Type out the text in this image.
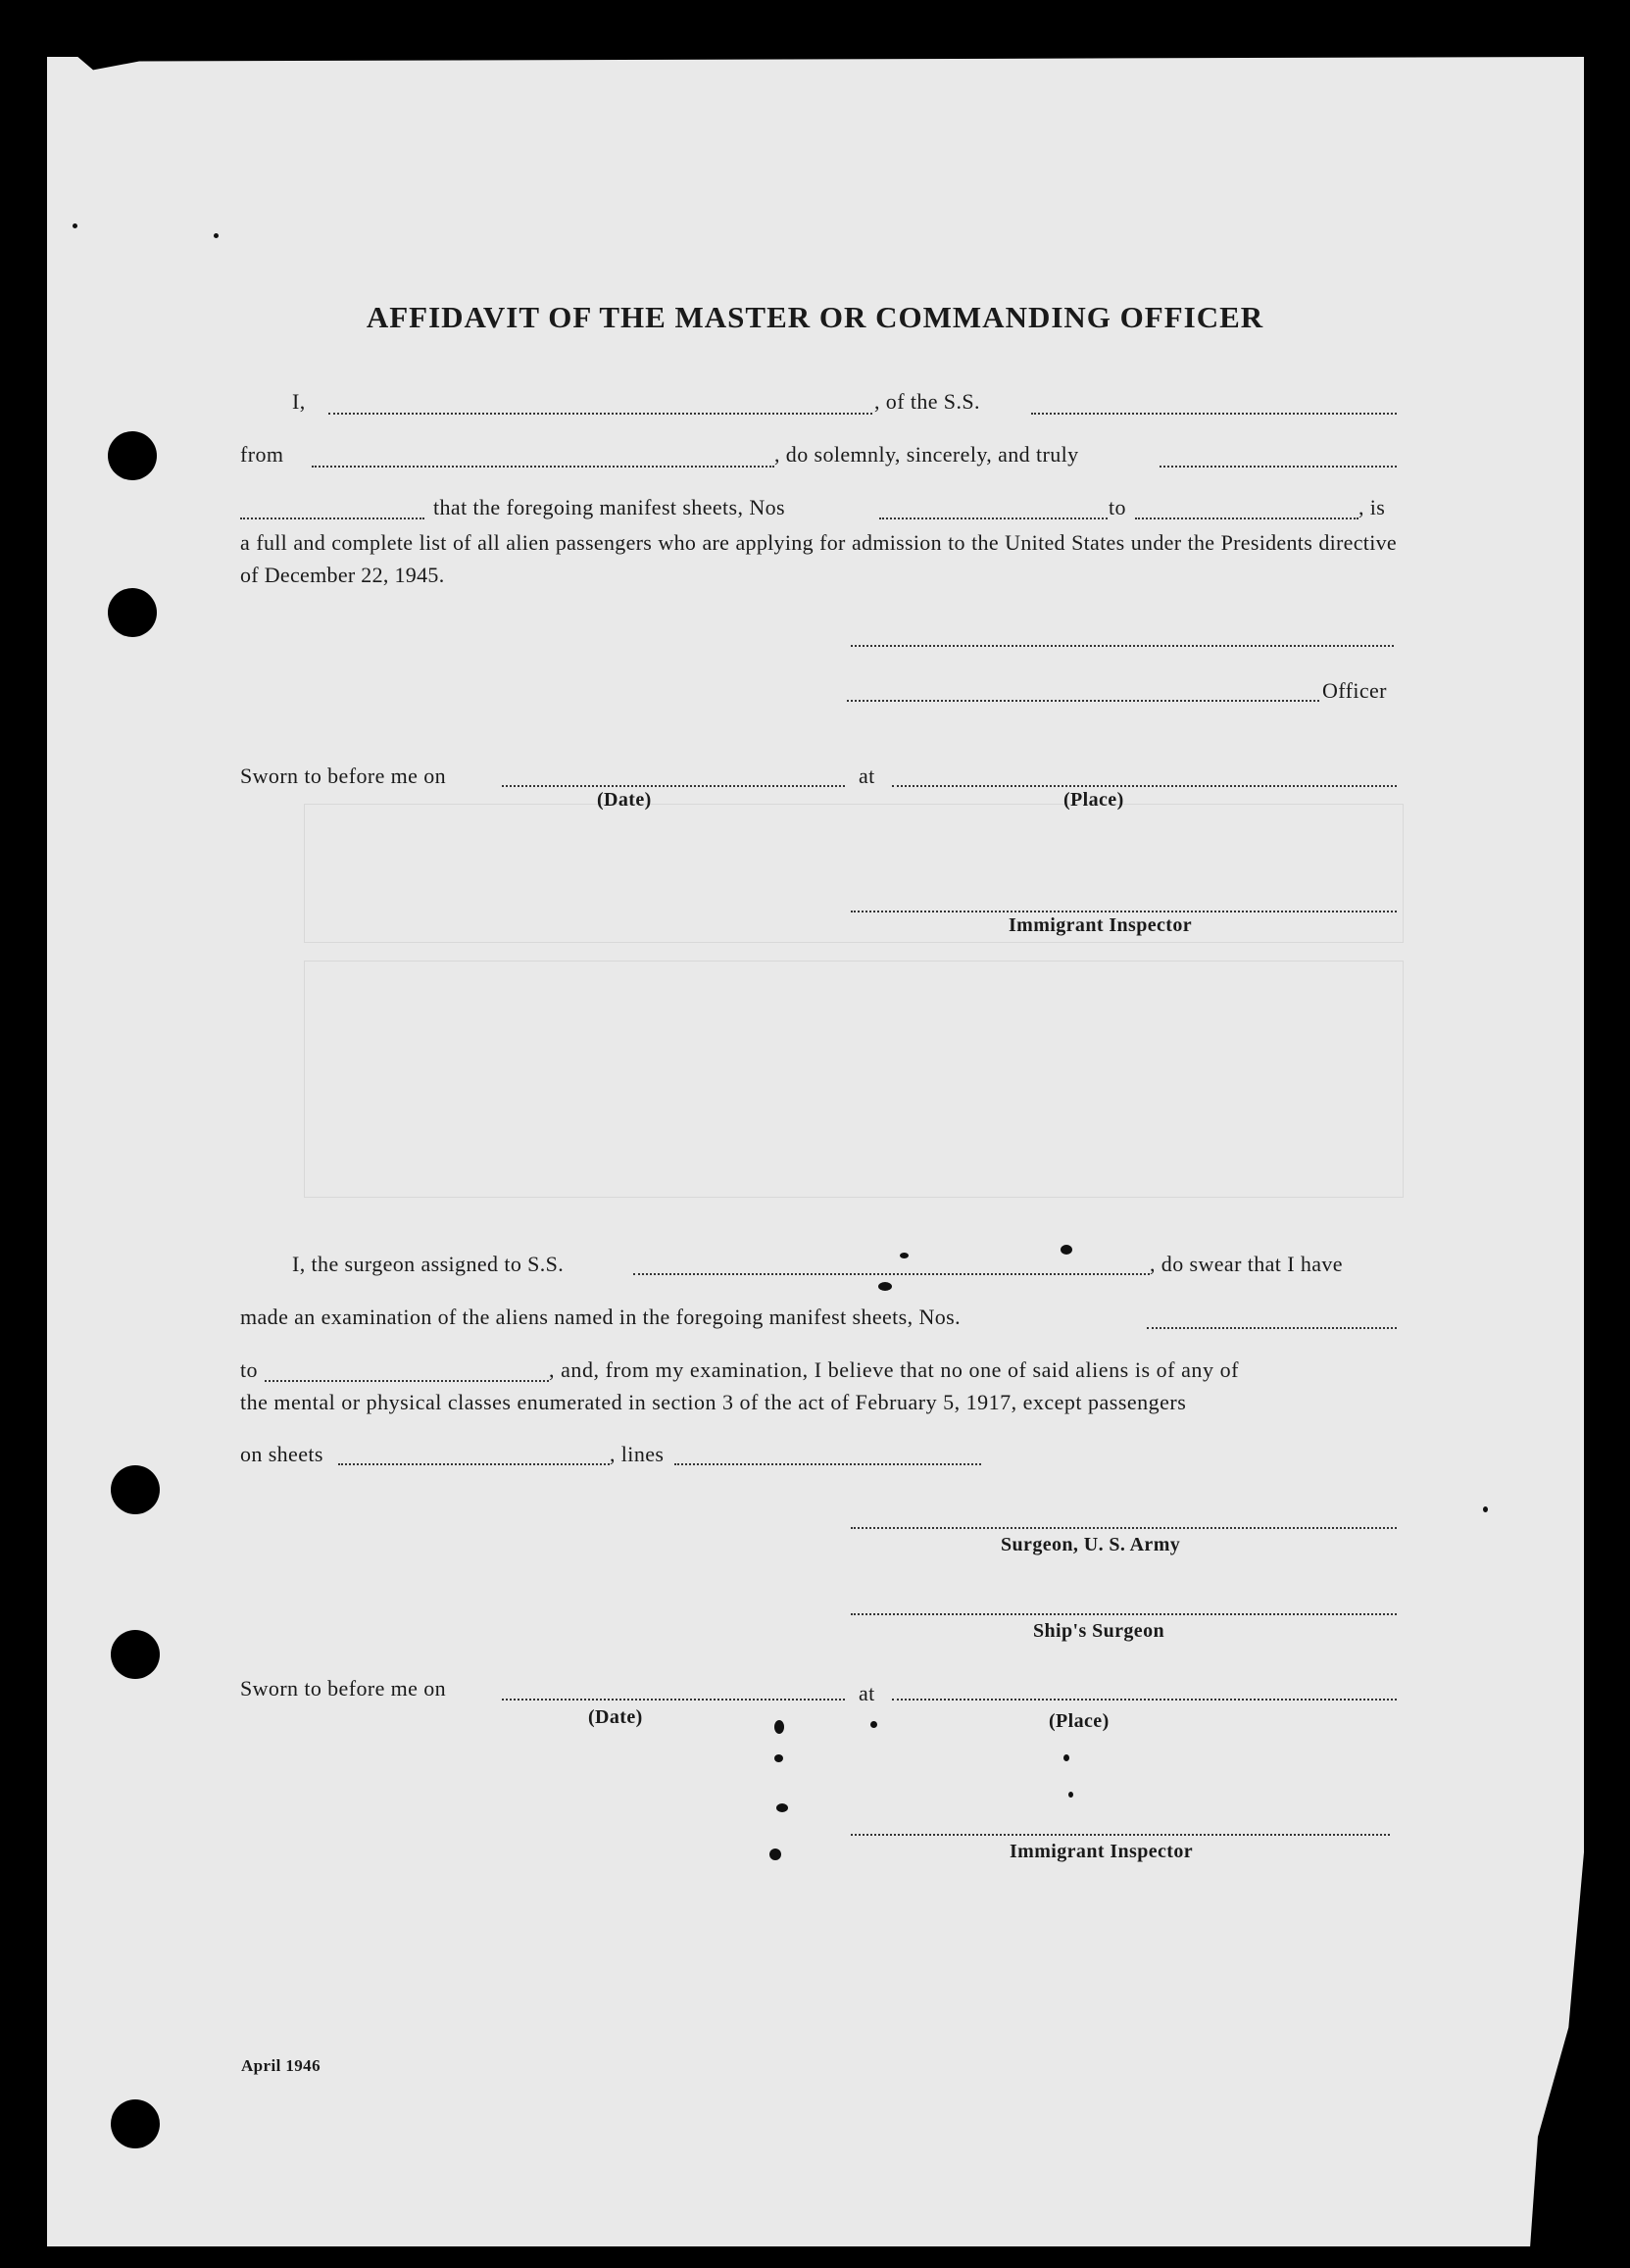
AFFIDAVIT OF THE MASTER OR COMMANDING OFFICER
I,	, of the S.S.
from	, do solemnly, sincerely, and truly
that the foregoing manifest sheets, Nos	to	, is
a full and complete list of all alien passengers who are applying for admission to the United States under the Presidents directive of December 22, 1945.
Officer
Sworn to before me on	at
(Date)	(Place)
Immigrant Inspector
I, the surgeon assigned to S.S.	, do swear that I have
made an examination of the aliens named in the foregoing manifest sheets, Nos.
to	, and, from my examination, I believe that no one of said aliens is of any of
the mental or physical classes enumerated in section 3 of the act of February 5, 1917, except passengers
on sheets	, lines
Surgeon, U. S. Army
Ship's Surgeon
Sworn to before me on	at
(Date)	(Place)
Immigrant Inspector
April 1946
